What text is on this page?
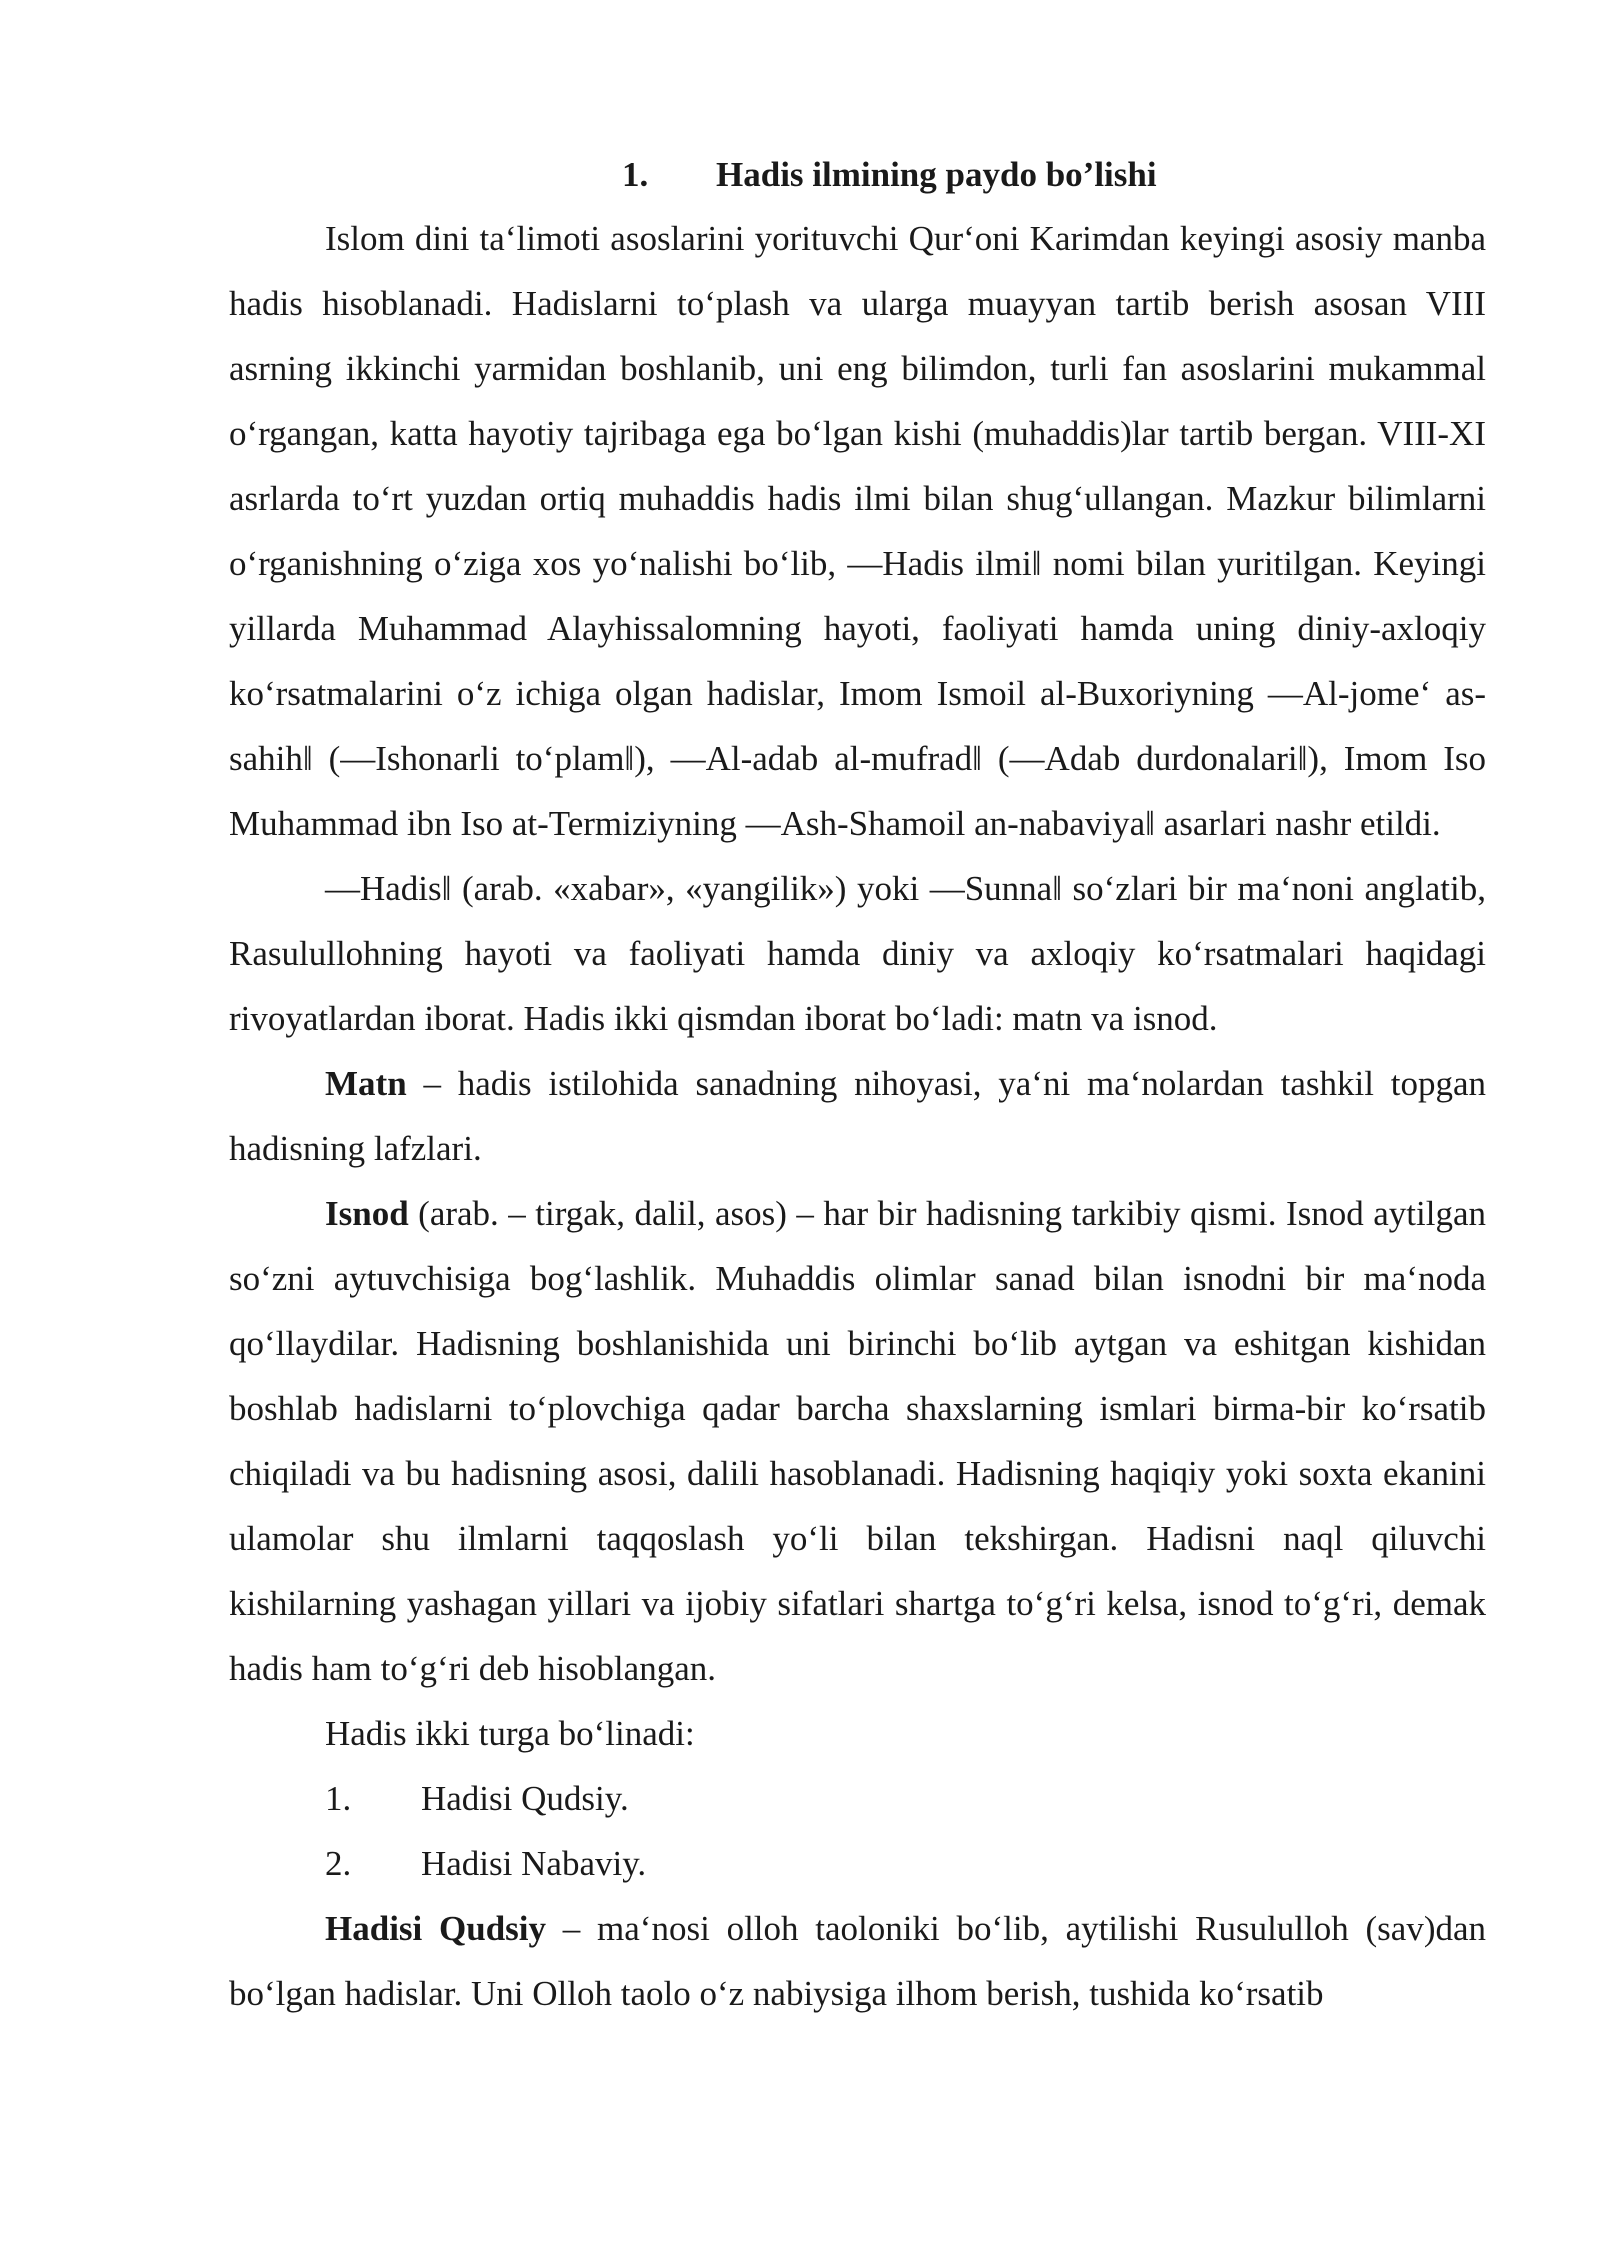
1. Hadis ilmining paydo bo’lishi

Islom dini ta‘limoti asoslarini yorituvchi Qur‘oni Karimdan keyingi asosiy manba hadis hisoblanadi. Hadislarni to‘plash va ularga muayyan tartib berish asosan VIII asrning ikkinchi yarmidan boshlanib, uni eng bilimdon, turli fan asoslarini mukammal o‘rgangan, katta hayotiy tajribaga ega bo‘lgan kishi (muhaddis)lar tartib bergan. VIII-XI asrlarda to‘rt yuzdan ortiq muhaddis hadis ilmi bilan shug‘ullangan. Mazkur bilimlarni o‘rganishning o‘ziga xos yo‘nalishi bo‘lib, ―Hadis ilmi‖ nomi bilan yuritilgan. Keyingi yillarda Muhammad Alayhissalomning hayoti, faoliyati hamda uning diniy-axloqiy ko‘rsatmalarini o‘z ichiga olgan hadislar, Imom Ismoil al-Buxoriyning ―Al-jome‘ as-sahih‖ (―Ishonarli to‘plam‖), ―Al-adab al-mufrad‖ (―Adab durdonalari‖), Imom Iso Muhammad ibn Iso at-Termiziyning ―Ash-Shamoil an-nabaviya‖ asarlari nashr etildi.

―Hadis‖ (arab. «xabar», «yangilik») yoki ―Sunna‖ so‘zlari bir ma‘noni anglatib, Rasulullohning hayoti va faoliyati hamda diniy va axloqiy ko‘rsatmalari haqidagi rivoyatlardan iborat. Hadis ikki qismdan iborat bo‘ladi: matn va isnod.

Matn – hadis istilohida sanadning nihoyasi, ya‘ni ma‘nolardan tashkil topgan hadisning lafzlari.

Isnod (arab. – tirgak, dalil, asos) – har bir hadisning tarkibiy qismi. Isnod aytilgan so‘zni aytuvchisiga bog‘lashlik. Muhaddis olimlar sanad bilan isnodni bir ma‘noda qo‘llaydilar. Hadisning boshlanishida uni birinchi bo‘lib aytgan va eshitgan kishidan boshlab hadislarni to‘plovchiga qadar barcha shaxslarning ismlari birma-bir ko‘rsatib chiqiladi va bu hadisning asosi, dalili hasoblanadi. Hadisning haqiqiy yoki soxta ekanini ulamolar shu ilmlarni taqqoslash yo‘li bilan tekshirgan. Hadisni naql qiluvchi kishilarning yashagan yillari va ijobiy sifatlari shartga to‘g‘ri kelsa, isnod to‘g‘ri, demak hadis ham to‘g‘ri deb hisoblangan.

Hadis ikki turga bo‘linadi:

1. Hadisi Qudsiy.
2. Hadisi Nabaviy.

Hadisi Qudsiy – ma‘nosi olloh taoloniki bo‘lib, aytilishi Rusululloh (sav)dan bo‘lgan hadislar. Uni Olloh taolo o‘z nabiysiga ilhom berish, tushida ko‘rsatib
